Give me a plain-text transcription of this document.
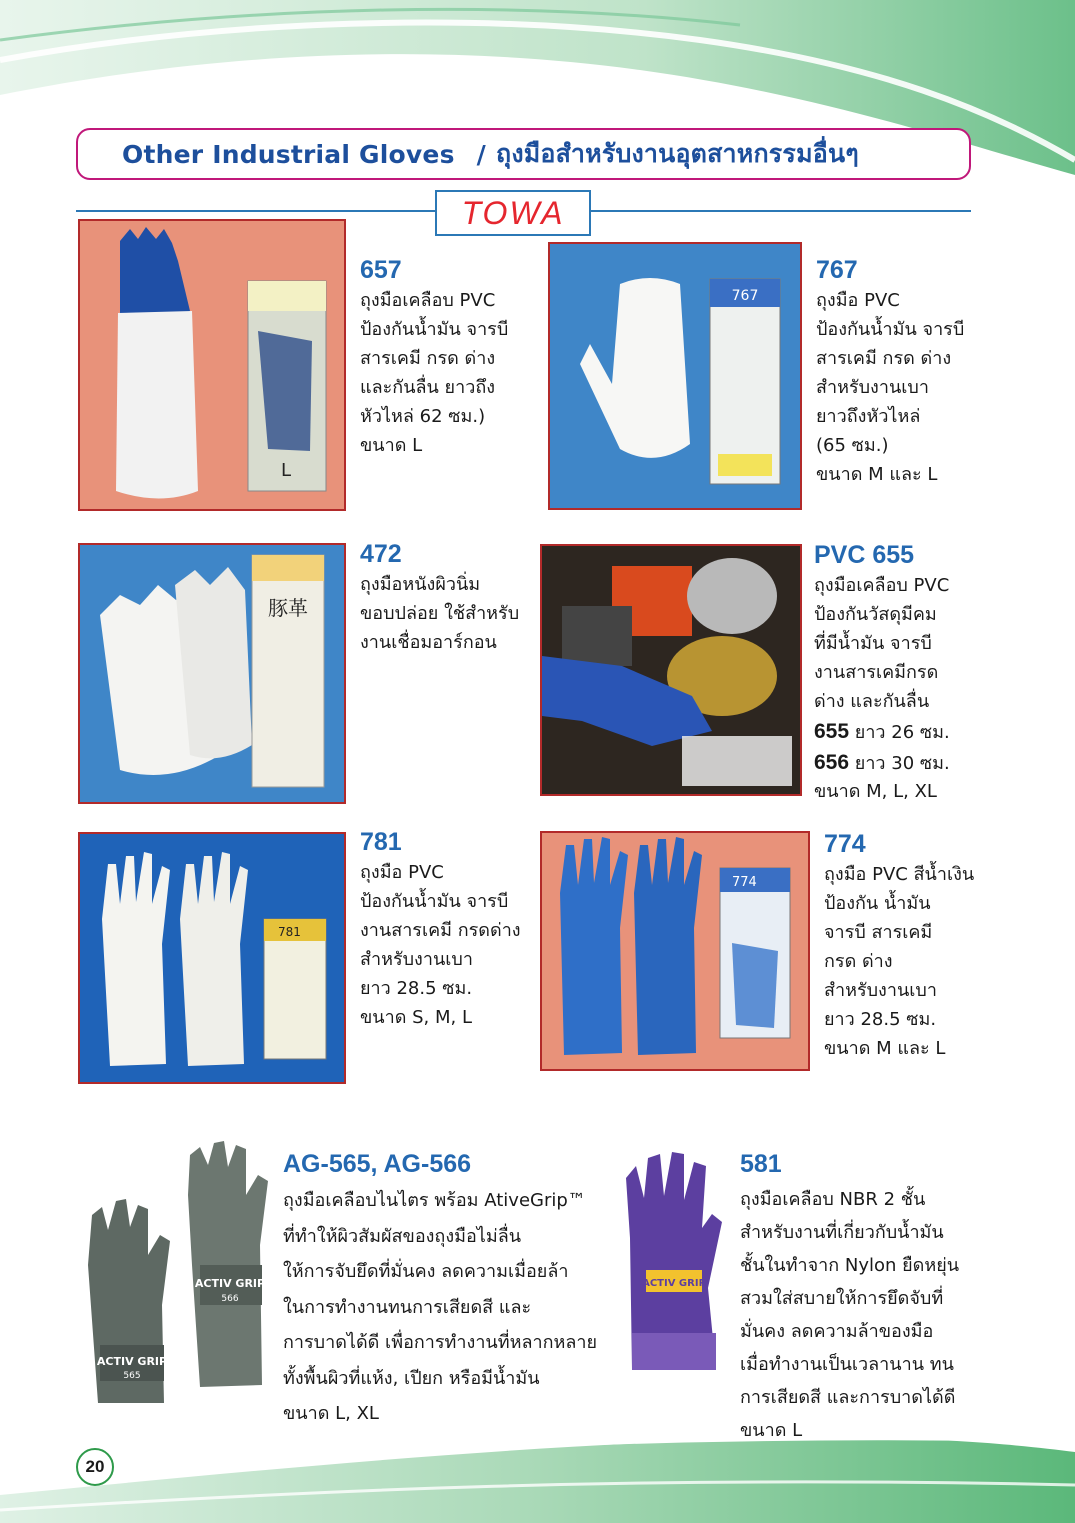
Other Industrial Gloves / ถุงมือสำหรับงานอุตสาหกรรมอื่นๆ
TOWA
L
657
ถุงมือเคลือบ PVC
ป้องกันน้ำมัน จารบี
สารเคมี กรด ด่าง
และกันลื่น ยาวถึง
หัวไหล่ 62 ซม.)
ขนาด L
767
767
ถุงมือ PVC
ป้องกันน้ำมัน จารบี
สารเคมี กรด ด่าง
สำหรับงานเบา
ยาวถึงหัวไหล่
(65 ซม.)
ขนาด M และ L
豚革
472
ถุงมือหนังผิวนิ่ม
ขอบปล่อย ใช้สำหรับ
งานเชื่อมอาร์กอน
PVC 655
ถุงมือเคลือบ PVC
ป้องกันวัสดุมีคม
ที่มีน้ำมัน จารบี
งานสารเคมีกรด
ด่าง และกันลื่น
655 ยาว 26 ซม.
656 ยาว 30 ซม.
ขนาด M, L, XL
781
781
ถุงมือ PVC
ป้องกันน้ำมัน จารบี
งานสารเคมี กรดด่าง
สำหรับงานเบา
ยาว 28.5 ซม.
ขนาด S, M, L
774
774
ถุงมือ PVC สีน้ำเงิน
ป้องกัน น้ำมัน
จารบี สารเคมี
กรด ด่าง
สำหรับงานเบา
ยาว 28.5 ซม.
ขนาด M และ L
ACTIV GRIP
566
ACTIV GRIP
565
AG-565, AG-566
ถุงมือเคลือบไนไตร พร้อม AtiveGrip™
ที่ทำให้ผิวสัมผัสของถุงมือไม่ลื่น
ให้การจับยึดที่มั่นคง ลดความเมื่อยล้า
ในการทำงานทนการเสียดสี และ
การบาดได้ดี เพื่อการทำงานที่หลากหลาย
ทั้งพื้นผิวที่แห้ง, เปียก หรือมีน้ำมัน
ขนาด L, XL
ACTIV GRIP
581
ถุงมือเคลือบ NBR 2 ชั้น
สำหรับงานที่เกี่ยวกับน้ำมัน
ชั้นในทำจาก Nylon ยืดหยุ่น
สวมใส่สบายให้การยึดจับที่
มั่นคง ลดความล้าของมือ
เมื่อทำงานเป็นเวลานาน ทน
การเสียดสี และการบาดได้ดี
ขนาด L
20
